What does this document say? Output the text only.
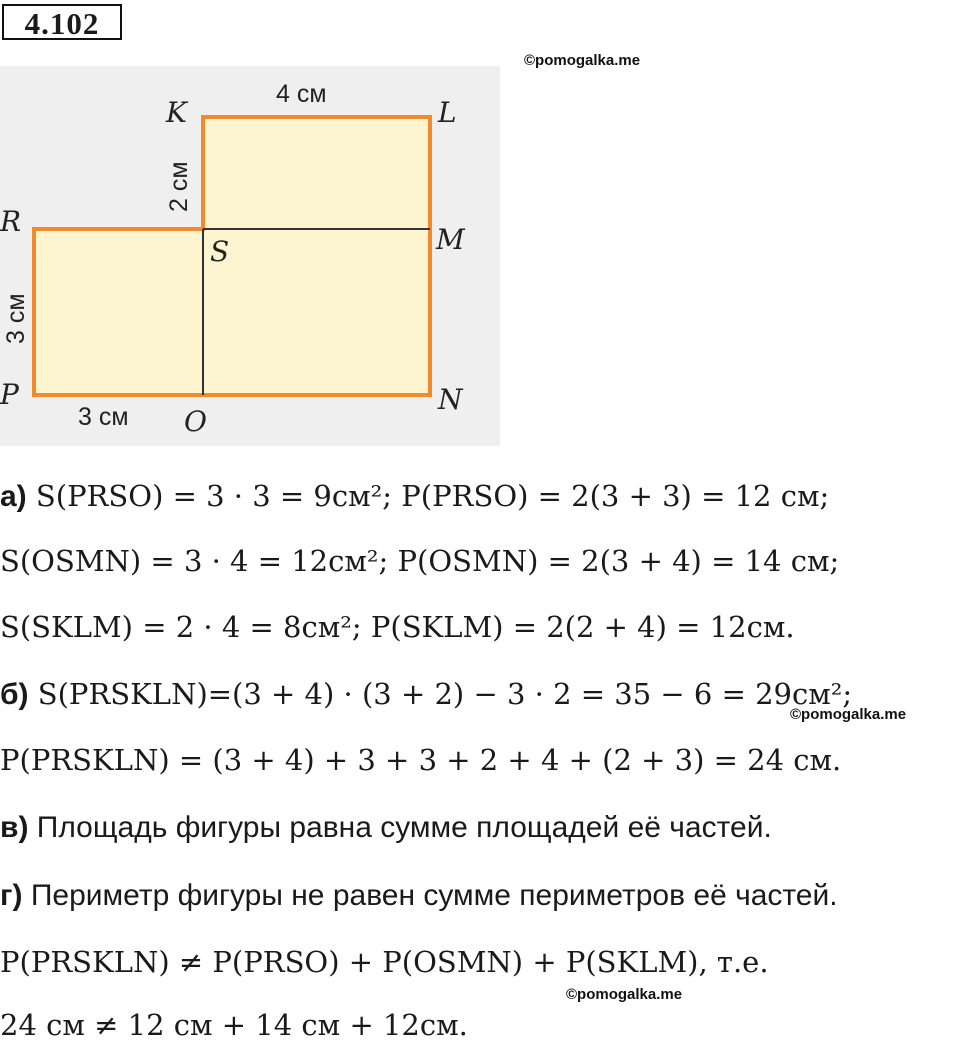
4.102
©pomogalka.me
K	L
R
S	M
P
O
N
4 см
3 см
2 см
3 см
а) S(PRSO) = 3 · 3 = 9см²; P(PRSO) = 2(3 + 3) = 12 см;
S(OSMN) = 3 · 4 = 12см²; P(OSMN) = 2(3 + 4) = 14 см;
S(SKLM) = 2 · 4 = 8см²; P(SKLM) = 2(2 + 4) = 12см.
б) S(PRSKLN)=(3 + 4) · (3 + 2) − 3 · 2 = 35 − 6 = 29см²;
©pomogalka.me
P(PRSKLN) = (3 + 4) + 3 + 3 + 2 + 4 + (2 + 3) = 24 см.
в) Площадь фигуры равна сумме площадей её частей.
г) Периметр фигуры не равен сумме периметров её частей.
P(PRSKLN) ≠ P(PRSO) + P(OSMN) + P(SKLM), т.е.
©pomogalka.me
24 см ≠ 12 см + 14 см + 12см.
